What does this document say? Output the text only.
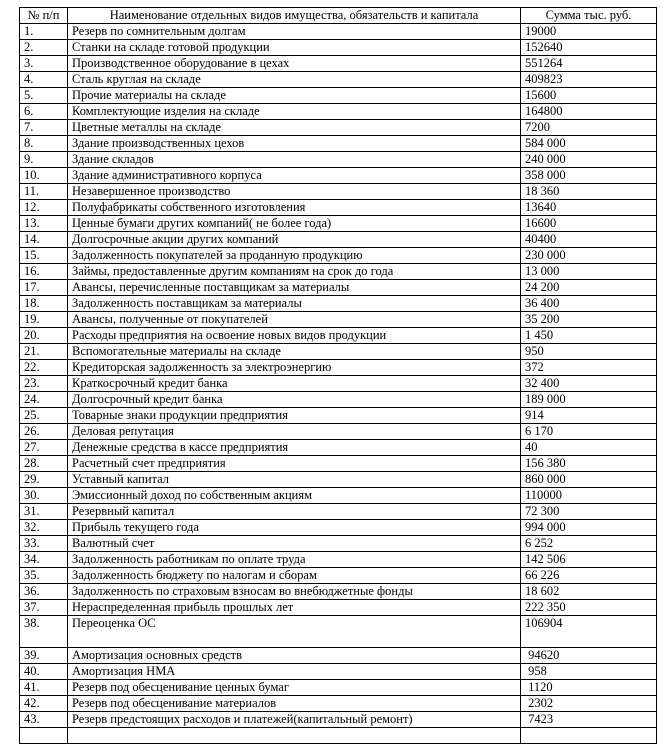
№ п/п	Наименование отдельных видов имущества, обязательств и капитала	Сумма тыс. руб.
1.	Резерв по сомнительным долгам	19000
2.	Станки на складе готовой продукции	152640
3.	Производственное оборудование в цехах	551264
4.	Сталь круглая на складе	409823
5.	Прочие материалы на складе	15600
6.	Комплектующие изделия на складе	164800
7.	Цветные металлы на складе	7200
8.	Здание производственных цехов	584 000
9.	Здание складов	240 000
10.	Здание административного корпуса	358 000
11.	Незавершенное производство	18 360
12.	Полуфабрикаты собственного изготовления	13640
13.	Ценные бумаги других компаний( не более года)	16600
14.	Долгосрочные акции других компаний	40400
15.	Задолженность покупателей за проданную продукцию	230 000
16.	Займы, предоставленные другим компаниям на срок до года	13 000
17.	Авансы, перечисленные поставщикам за материалы	24 200
18.	Задолженность поставщикам за материалы	36 400
19.	Авансы, полученные от покупателей	35 200
20.	Расходы предприятия на освоение новых видов продукции	1 450
21.	Вспомогательные материалы на складе	950
22.	Кредиторская задолженность за электроэнергию	372
23.	Краткосрочный кредит банка	32 400
24.	Долгосрочный кредит банка	189 000
25.	Товарные знаки продукции предприятия	914
26.	Деловая репутация	6 170
27.	Денежные средства в кассе предприятия	40
28.	Расчетный счет предприятия	156 380
29.	Уставный капитал	860 000
30.	Эмиссионный доход по собственным акциям	110000
31.	Резервный капитал	72 300
32.	Прибыль текущего года	994 000
33.	Валютный счет	6 252
34.	Задолженность работникам по оплате труда	142 506
35.	Задолженность бюджету по налогам и сборам	66 226
36.	Задолженность по страховым взносам во внебюджетные фонды	18 602
37.	Нераспределенная прибыль прошлых лет	222 350
38.	Переоценка ОС	106904
39.	Амортизация основных средств	94620
40.	Амортизация НМА	958
41.	Резерв под обесценивание ценных бумаг	1120
42.	Резерв под обесценивание материалов	2302
43.	Резерв предстоящих расходов и платежей(капитальный ремонт)	7423
